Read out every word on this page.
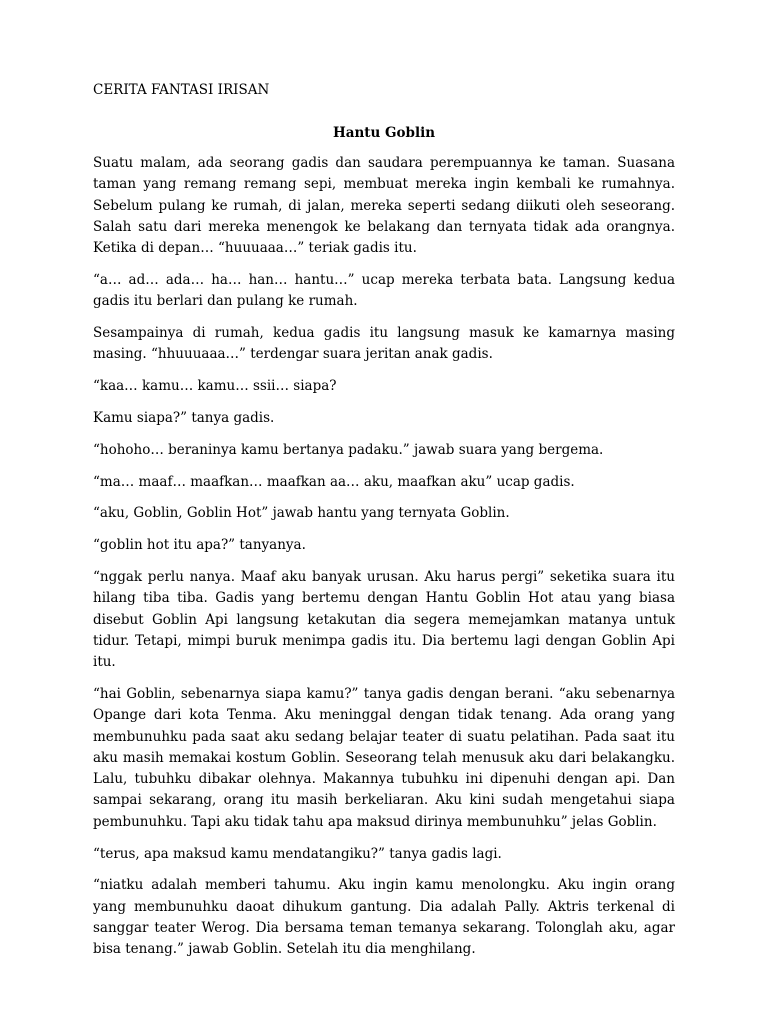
CERITA FANTASI IRISAN
Hantu Goblin

Suatu malam, ada seorang gadis dan saudara perempuannya ke taman. Suasana taman yang remang remang sepi, membuat mereka ingin kembali ke rumahnya. Sebelum pulang ke rumah, di jalan, mereka seperti sedang diikuti oleh seseorang. Salah satu dari mereka menengok ke belakang dan ternyata tidak ada orangnya. Ketika di depan… “huuuaaa…” teriak gadis itu.

“a… ad… ada… ha… han… hantu…” ucap mereka terbata bata. Langsung kedua gadis itu berlari dan pulang ke rumah.

Sesampainya di rumah, kedua gadis itu langsung masuk ke kamarnya masing masing. “hhuuuaaa…” terdengar suara jeritan anak gadis.

“kaa… kamu… kamu… ssii… siapa?

Kamu siapa?” tanya gadis.

“hohoho… beraninya kamu bertanya padaku.” jawab suara yang bergema.

“ma… maaf… maafkan… maafkan aa… aku, maafkan aku” ucap gadis.

“aku, Goblin, Goblin Hot” jawab hantu yang ternyata Goblin.

“goblin hot itu apa?” tanyanya.

“nggak perlu nanya. Maaf aku banyak urusan. Aku harus pergi” seketika suara itu hilang tiba tiba. Gadis yang bertemu dengan Hantu Goblin Hot atau yang biasa disebut Goblin Api langsung ketakutan dia segera memejamkan matanya untuk tidur. Tetapi, mimpi buruk menimpa gadis itu. Dia bertemu lagi dengan Goblin Api itu.

“hai Goblin, sebenarnya siapa kamu?” tanya gadis dengan berani. “aku sebenarnya Opange dari kota Tenma. Aku meninggal dengan tidak tenang. Ada orang yang membunuhku pada saat aku sedang belajar teater di suatu pelatihan. Pada saat itu aku masih memakai kostum Goblin. Seseorang telah menusuk aku dari belakangku. Lalu, tubuhku dibakar olehnya. Makannya tubuhku ini dipenuhi dengan api. Dan sampai sekarang, orang itu masih berkeliaran. Aku kini sudah mengetahui siapa pembunuhku. Tapi aku tidak tahu apa maksud dirinya membunuhku” jelas Goblin.

“terus, apa maksud kamu mendatangiku?” tanya gadis lagi.

“niatku adalah memberi tahumu. Aku ingin kamu menolongku. Aku ingin orang yang membunuhku daoat dihukum gantung. Dia adalah Pally. Aktris terkenal di sanggar teater Werog. Dia bersama teman temanya sekarang. Tolonglah aku, agar bisa tenang.” jawab Goblin. Setelah itu dia menghilang.
